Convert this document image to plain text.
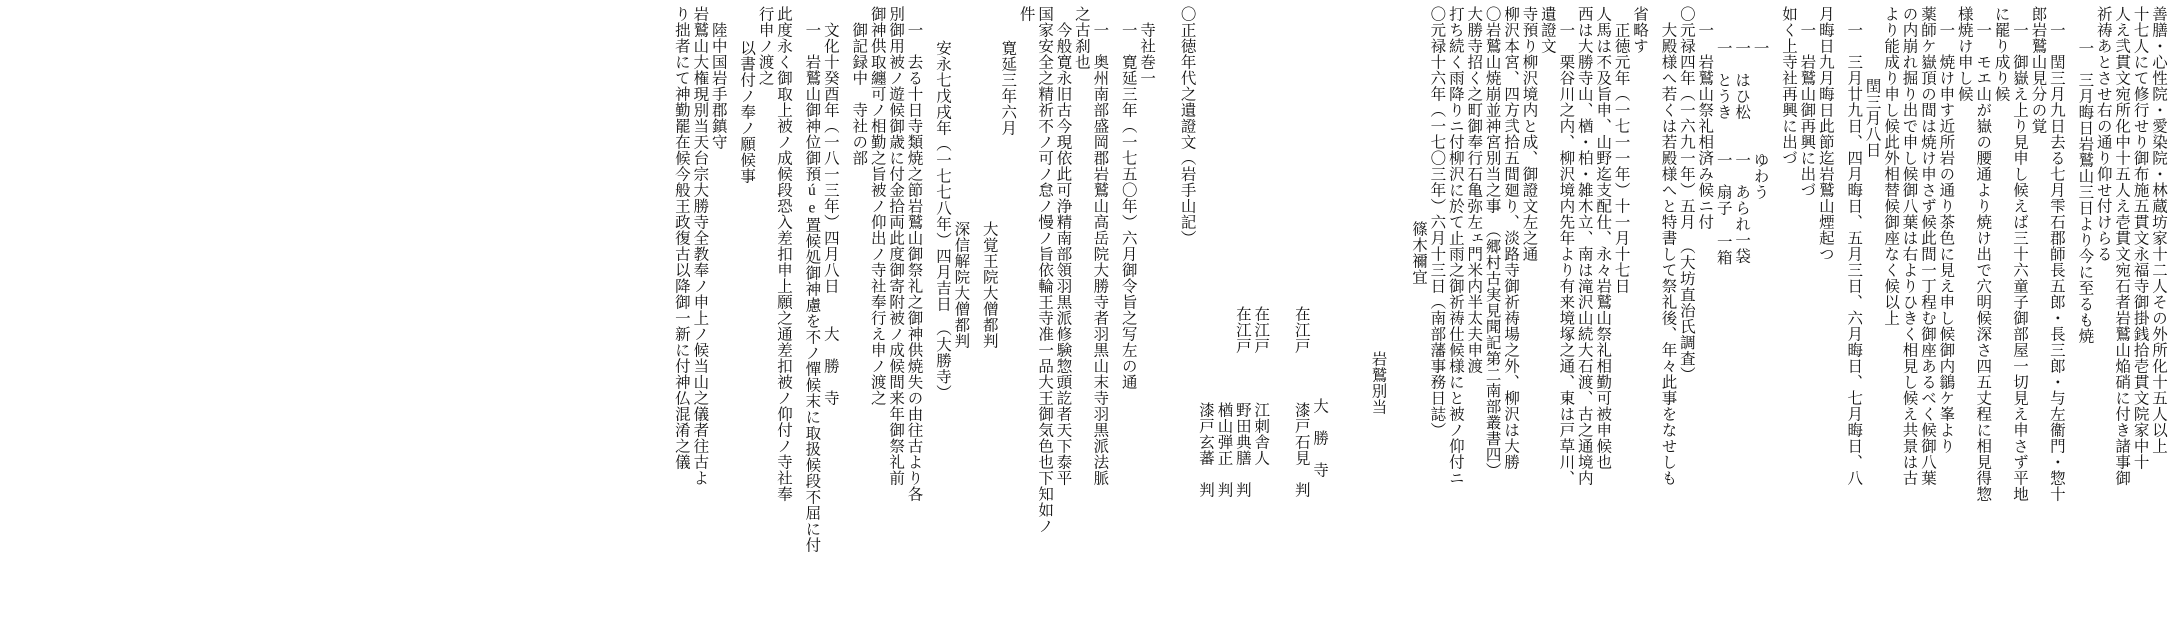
善膳・心性院・愛染院・林蔵坊家十二人その外所化十五人以上
十七人にて修行せり御布施五貫文永福寺御掛銭拾壱貫文院家中十
人え弐貫文宛所化中十五人え壱貫文宛石者岩鷲山焔硝に付き諸事御
祈祷あとさせ右の通り仰せ付けらる
一　三月晦日岩鷲山三日より今に至るも焼
一　閏三月九日去る七月雫石郡師長五郎・長三郎・与左衞門・惣十
郎岩鷲山見分の覚
一　御嶽え上り見申し候えば三十六童子御部屋一切見え申さず平地
に罷り成り候
一　モエ山が嶽の腰通より焼け出で穴明候深さ四五丈程に相見得惣
様焼け申し候
一　焼け申す近所岩の通り茶色に見え申し候御内鶲ケ峯より
薬師ケ嶽頂の間は焼け申さず候此間一丁程む御座あるべく候御八葉
の内崩れ掘り出で申し候御八葉は右よりひきく相見し候え共景は古
より能成り申し候此外相替候御座なく候以上
閏三月八日
一　三月廿九日、四月晦日、五月三日、六月晦日、七月晦日、八
月晦日九月晦日此節迄岩鷲山煙起つ
一　岩鷲山御再興に出づ
如く上寺社再興に出づ
一　　　　　　ゆわう
一　はひ松　　一　あられ一袋
一　とうき　　一　扇子 一箱
一　岩鷲山祭礼相済み候ニ付
〇元禄四年（一六九一年）五月　（大坊直治氏調査）
大殿様へ若くは若殿様へと特書して祭礼後、年々此事をなせしも
省略す
正徳元年（一七一一年）十一月十七日
人馬は不及旨申、山野迄支配仕、永々岩鷲山祭礼相勤可被申候也
西は大勝寺山、楢・柏・雑木立、南は滝沢山続大石渡、古之通境内
一　栗谷川之内、柳沢境内先年より有来境塚之通、東は戸草川、
遺證文
寺預り柳沢境内と成、御證文左之通
柳沢本宮、四方弐拾五間廻り、淡路寺御祈祷場之外、柳沢は大勝
〇岩鷲山焼崩並神宮別当之事　（郷村古実見聞記第二南部叢書四）
大勝寺招く之町御奉行石亀弥左ェ門米内半太夫申渡
打ち続く雨降りニ付柳沢に於て止雨之御祈祷仕候様にと被ノ仰付ニ
〇元禄十六年（一七〇三年）六月十三日（南部藩事務日誌）
篠木禰宜
岩鷲別当
大　勝　寺
在江戸　　　漆戸石見　判
在江戸　　　江刺舎人
在江戸　　　野田典膳　判
　　　　　　楢山弾正　判
　　　　　　漆戸玄蕃　判
〇正徳年代之遺證文（岩手山記）
寺社巻一
一　寛延三年（一七五〇年）六月御令旨之写左の通
一　奥州南部盛岡郡岩鷲山高岳院大勝寺者羽黒山末寺羽黒派法脈
之古刹也
今般寛永旧古今現依此可浄精南部領羽黒派修験惣頭訖者天下泰平
国家安全之精祈不ノ可ノ怠ノ慢ノ旨依輪王寺准一品大王御気色也下知如ノ
件
寛延三年六月
大覚王院大僧都判
深信解院大僧都判
安永七戊戌年（一七七八年）四月吉日　（大勝寺）
一　去る十日寺類焼之節岩鷲山御祭礼之御神供焼失の由往古より各
別御用被ノ遊候御歳に付金拾両此度御寄附被ノ成候間来年御祭礼前
御神供取纏可ノ相勤之旨被ノ仰出ノ寺社奉行え申ノ渡之
御記録中　寺社の部
文化十癸酉年（一八一三年）四月八日　　大　勝　寺
一　岩鷲山御神位御預úe置候処御神慮を不ノ憚候末に取扱候段不屈に付
此度永く御取上被ノ成候段恐入差扣申上願之通差扣被ノ仰付ノ寺社奉
行申ノ渡之
以書付ノ奉ノ願候事
陸中国岩手郡鎮守
岩鷲山大権現別当天台宗大勝寺全教奉ノ申上ノ候当山之儀者往古よ
り拙者にて神勤罷在候今般王政復古以降御一新に付神仏混淆之儀
